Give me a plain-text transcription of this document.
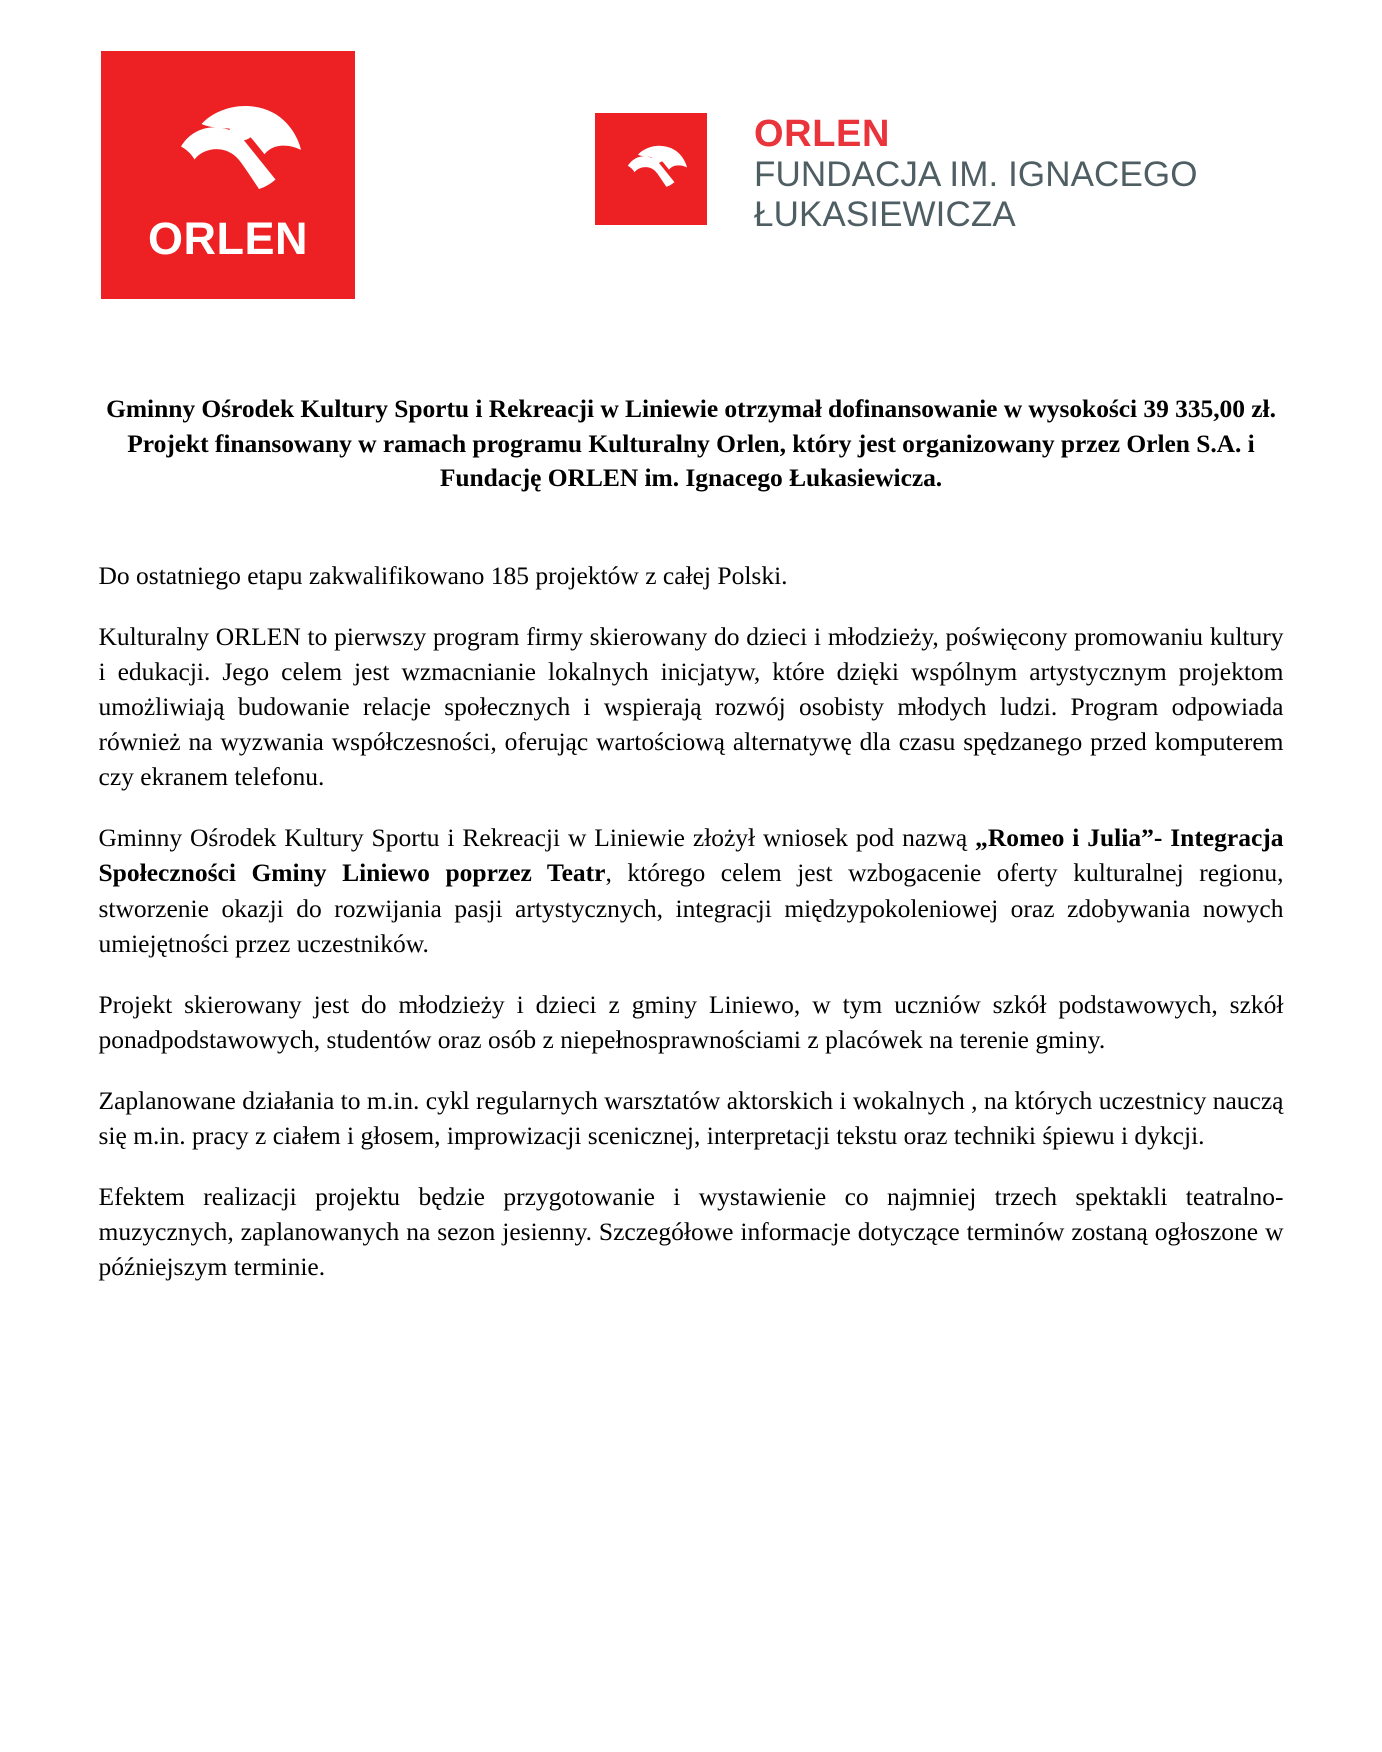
ORLEN
ORLEN
FUNDACJA IM. IGNACEGO
ŁUKASIEWICZA
Gminny Ośrodek Kultury Sportu i Rekreacji w Liniewie otrzymał dofinansowanie w wysokości 39 335,00 zł. Projekt finansowany w ramach programu Kulturalny Orlen, który jest organizowany przez Orlen S.A. i Fundację ORLEN im. Ignacego Łukasiewicza.

Do ostatniego etapu zakwalifikowano 185 projektów z całej Polski.

Kulturalny ORLEN to pierwszy program firmy skierowany do dzieci i młodzieży, poświęcony promowaniu kultury i edukacji. Jego celem jest wzmacnianie lokalnych inicjatyw, które dzięki wspólnym artystycznym projektom umożliwiają budowanie relacje społecznych i wspierają rozwój osobisty młodych ludzi. Program odpowiada również na wyzwania współczesności, oferując wartościową alternatywę dla czasu spędzanego przed komputerem czy ekranem telefonu.

Gminny Ośrodek Kultury Sportu i Rekreacji w Liniewie złożył wniosek pod nazwą „Romeo i Julia”- Integracja Społeczności Gminy Liniewo poprzez Teatr, którego celem jest wzbogacenie oferty kulturalnej regionu, stworzenie okazji do rozwijania pasji artystycznych, integracji międzypokoleniowej oraz zdobywania nowych umiejętności przez uczestników.

Projekt skierowany jest do młodzieży i dzieci z gminy Liniewo, w tym uczniów szkół podstawowych, szkół ponadpodstawowych, studentów oraz osób z niepełnosprawnościami z placówek na terenie gminy.

Zaplanowane działania to m.in. cykl regularnych warsztatów aktorskich i wokalnych , na których uczestnicy nauczą się m.in. pracy z ciałem i głosem, improwizacji scenicznej, interpretacji tekstu oraz techniki śpiewu i dykcji.

Efektem realizacji projektu będzie przygotowanie i wystawienie co najmniej trzech spektakli teatralno-muzycznych, zaplanowanych na sezon jesienny. Szczegółowe informacje dotyczące terminów zostaną ogłoszone w późniejszym terminie.
